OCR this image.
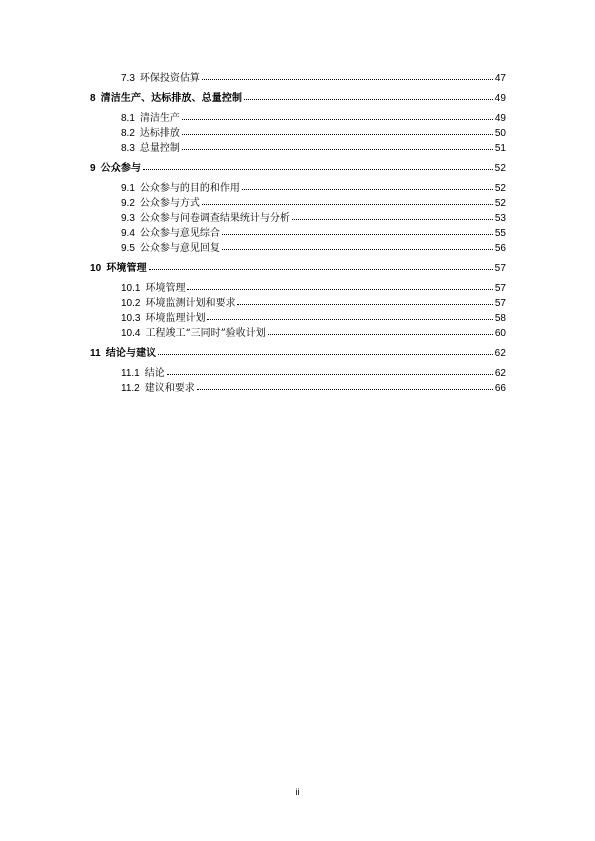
7.3 环保投资估算	47
8 清洁生产、达标排放、总量控制	49
8.1 清洁生产	49
8.2 达标排放	50
8.3 总量控制	51
9 公众参与	52
9.1 公众参与的目的和作用	52
9.2 公众参与方式	52
9.3 公众参与问卷调查结果统计与分析	53
9.4 公众参与意见综合	55
9.5 公众参与意见回复	56
10 环境管理	57
10.1 环境管理	57
10.2 环境监测计划和要求	57
10.3 环境监理计划	58
10.4 工程竣工“三同时”验收计划	60
11 结论与建议	62
11.1 结论	62
11.2 建议和要求	66
ii
